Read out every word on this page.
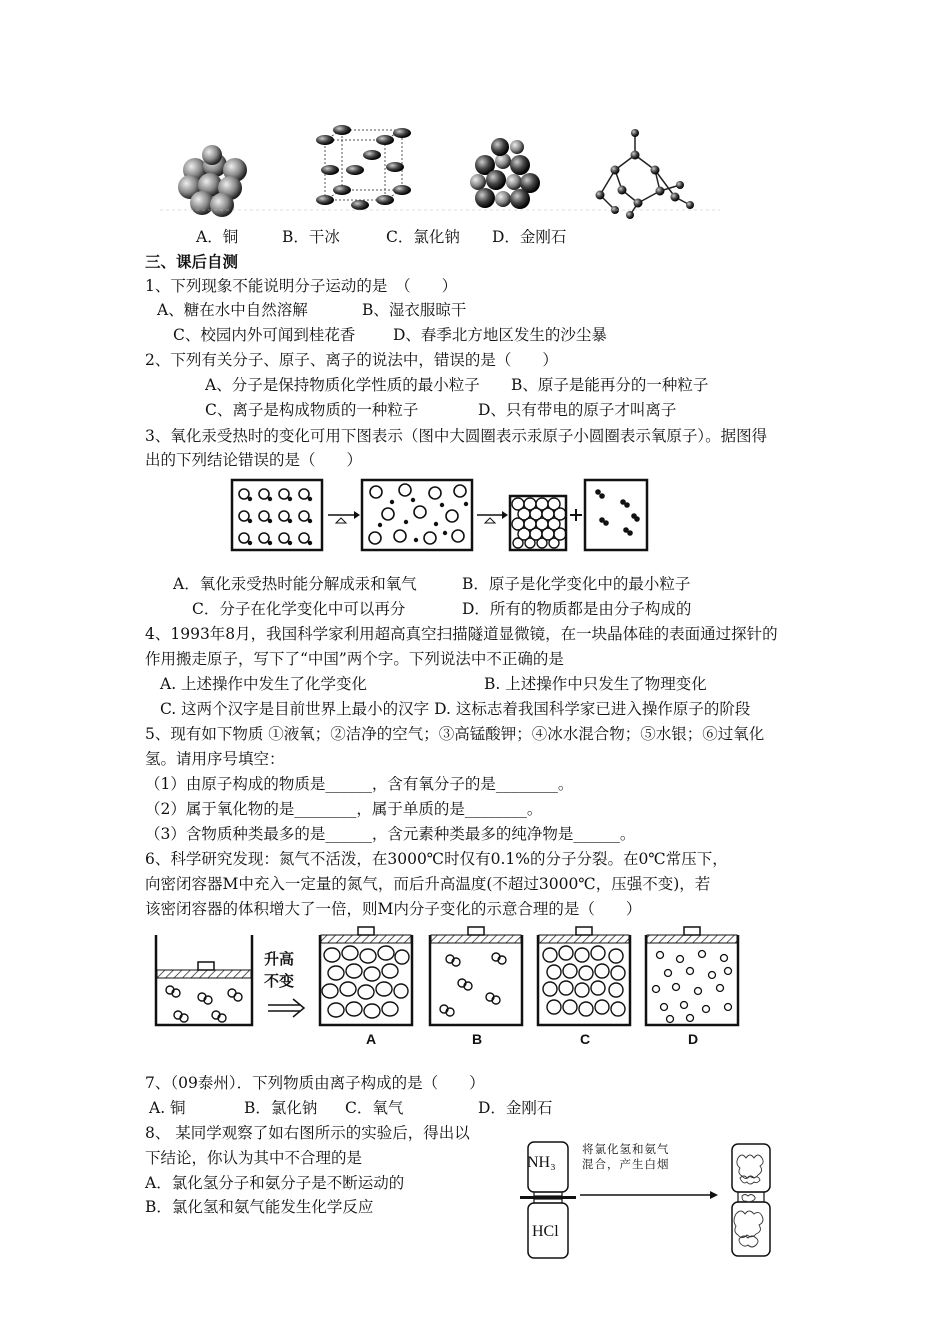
A．铜	B．干冰	C．氯化钠 D．金刚石
三、课后自测
1、下列现象不能说明分子运动的是　（　　）
A、糖在水中自然溶解	B、湿衣服晾干
C、校园内外可闻到桂花香 D、春季北方地区发生的沙尘暴
2、下列有关分子、原子、离子的说法中，错误的是（　　）
A、分子是保持物质化学性质的最小粒子 B、原子是能再分的一种粒子
C、离子是构成物质的一种粒子	D、只有带电的原子才叫离子
3、氧化汞受热时的变化可用下图表示（图中大圆圈表示汞原子小圆圈表示氧原子）。据图得
出的下列结论错误的是（　　）
A．氧化汞受热时能分解成汞和氧气	B．原子是化学变化中的最小粒子
C．分子在化学变化中可以再分	D．所有的物质都是由分子构成的
4、1993年8月，我国科学家利用超高真空扫描隧道显微镜，在一块晶体硅的表面通过探针的
作用搬走原子，写下了“中国”两个字。下列说法中不正确的是
A. 上述操作中发生了化学变化	B. 上述操作中只发生了物理变化
C. 这两个汉字是目前世界上最小的汉字 D. 这标志着我国科学家已进入操作原子的阶段
5、现有如下物质 ①液氧；②洁净的空气；③高锰酸钾；④冰水混合物；⑤水银；⑥过氧化
氢。请用序号填空：
（1）由原子构成的物质是______，含有氧分子的是________。
（2）属于氧化物的是________，属于单质的是________。
（3）含物质种类最多的是______，含元素种类最多的纯净物是______。
6、科学研究发现：氮气不活泼，在3000℃时仅有0.1%的分子分裂。在0℃常压下，
向密闭容器M中充入一定量的氮气，而后升高温度(不超过3000℃，压强不变)，若
该密闭容器的体积增大了一倍，则M内分子变化的示意合理的是（　　）
升高
不变
A	B	C	D
7、（09泰州）．下列物质由离子构成的是（　　）
A. 铜	B．氯化钠 C．氧气	D．金刚石
8、 某同学观察了如右图所示的实验后，得出以
下结论，你认为其中不合理的是
A．氯化氢分子和氨分子是不断运动的
B．氯化氢和氨气能发生化学反应
NH₃
HCl
将氯化氢和氨气
混合，产生白烟
